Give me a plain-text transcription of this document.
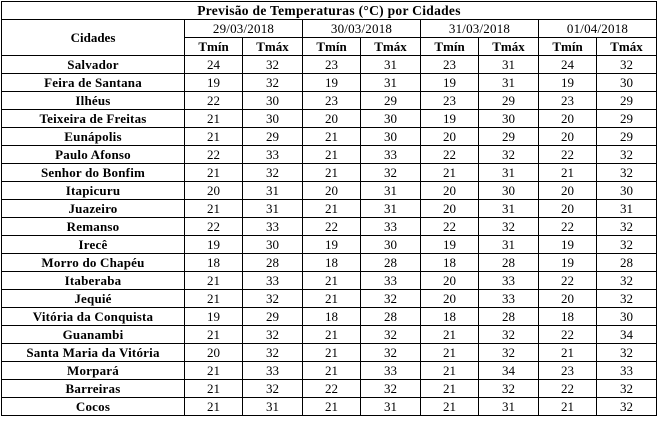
Previsão de Temperaturas (°C) por Cidades								
Cidades	29/03/2018		30/03/2018		31/03/2018		01/04/2018	
	Tmín	Tmáx	Tmín	Tmáx	Tmín	Tmáx	Tmín	Tmáx
Salvador	24	32	23	31	23	31	24	32
Feira de Santana	19	32	19	31	19	31	19	30
Ilhéus	22	30	23	29	23	29	23	29
Teixeira de Freitas	21	30	20	30	19	30	20	29
Eunápolis	21	29	21	30	20	29	20	29
Paulo Afonso	22	33	21	33	22	32	22	32
Senhor do Bonfim	21	32	21	32	21	31	21	32
Itapicuru	20	31	20	31	20	30	20	30
Juazeiro	21	31	21	31	20	31	20	31
Remanso	22	33	22	33	22	32	22	32
Irecê	19	30	19	30	19	31	19	32
Morro do Chapéu	18	28	18	28	18	28	19	28
Itaberaba	21	33	21	33	20	33	22	32
Jequié	21	32	21	32	20	33	20	32
Vitória da Conquista	19	29	18	28	18	28	18	30
Guanambi	21	32	21	32	21	32	22	34
Santa Maria da Vitória	20	32	21	32	21	32	21	32
Morpará	21	33	21	33	21	34	23	33
Barreiras	21	32	22	32	21	32	22	32
Cocos	21	31	21	31	21	31	21	32
